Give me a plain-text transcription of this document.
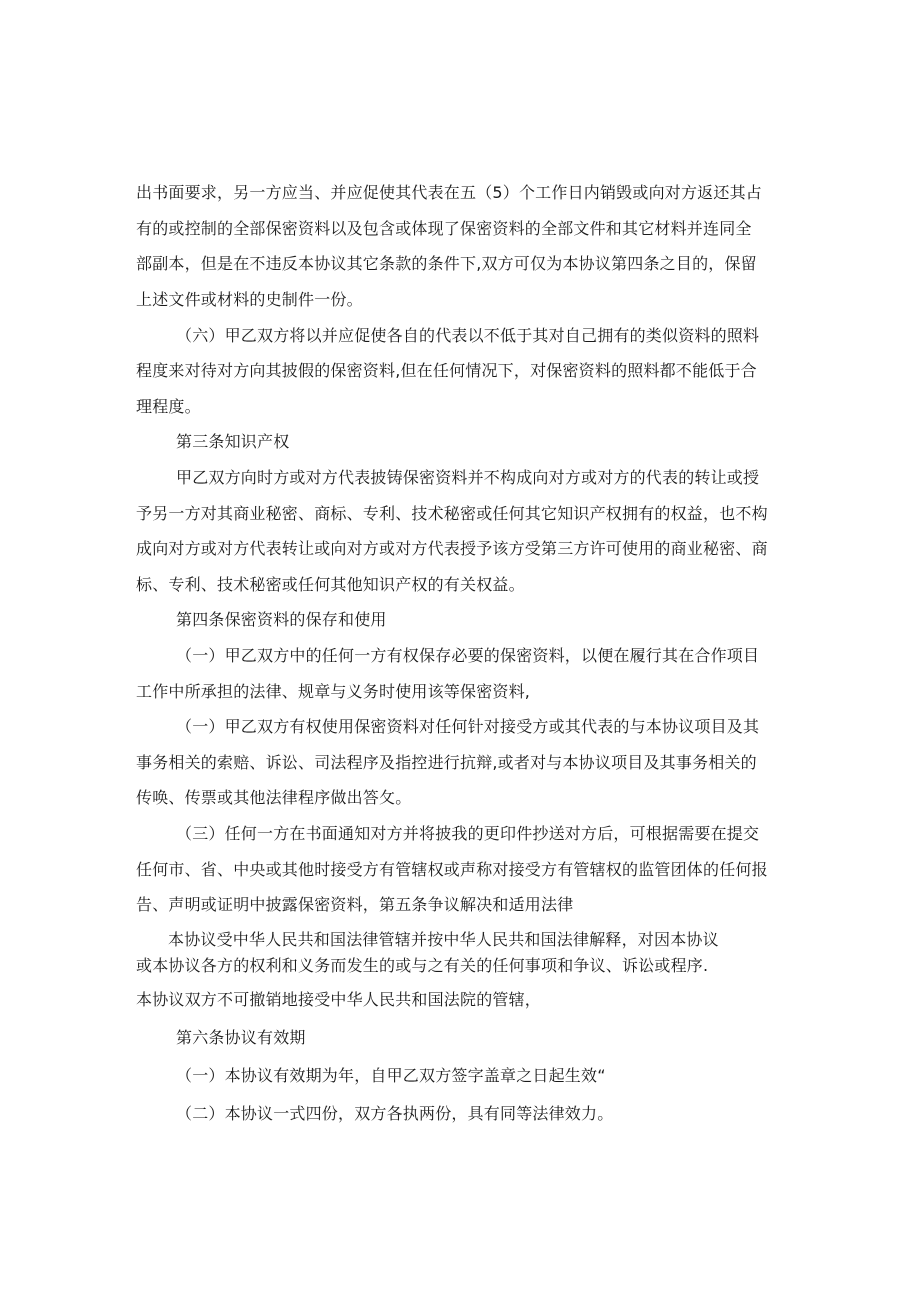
出书面要求，另一方应当、并应促使其代表在五（5）个工作日内销毁或向对方返还其占
有的或控制的全部保密资料以及包含或体现了保密资料的全部文件和其它材料并连同全
部副本，但是在不违反本协议其它条款的条件下,双方可仅为本协议第四条之目的，保留
上述文件或材料的史制件一份。
（六）甲乙双方将以并应促使各自的代表以不低于其对自己拥有的类似资料的照料
程度来对待对方向其披假的保密资料,但在任何情况下，对保密资料的照料都不能低于合
理程度。
第三条知识产权
甲乙双方向时方或对方代表披铸保密资料并不构成向对方或对方的代表的转让或授
予另一方对其商业秘密、商标、专利、技术秘密或任何其它知识产权拥有的权益，也不构
成向对方或对方代表转让或向对方或对方代表授予该方受第三方许可使用的商业秘密、商
标、专利、技术秘密或任何其他知识产权的有关权益。
第四条保密资料的保存和使用
（一）甲乙双方中的任何一方有权保存必要的保密资料，以便在履行其在合作项目
工作中所承担的法律、规章与义务时使用该等保密资料,
（一）甲乙双方有权使用保密资料对任何针对接受方或其代表的与本协议项目及其
事务相关的索赔、诉讼、司法程序及指控进行抗辩,或者对与本协议项目及其事务相关的
传唤、传票或其他法律程序做出答攵。
（三）任何一方在书面通知对方并将披我的更印件抄送对方后，可根据需要在提交
任何市、省、中央或其他时接受方有管辖权或声称对接受方有管辖权的监管团体的任何报
告、声明或证明中披露保密资料，第五条争议解决和适用法律
本协议受中华人民共和国法律管辖并按中华人民共和国法律解释，对因本协议
或本协议各方的权利和义务而发生的或与之有关的任何事项和争议、诉讼或程序.
本协议双方不可撤销地接受中华人民共和国法院的管辖，
第六条协议有效期
（一）本协议有效期为年，自甲乙双方签字盖章之日起生效“
（二）本协议一式四份，双方各执两份，具有同等法律效力。
